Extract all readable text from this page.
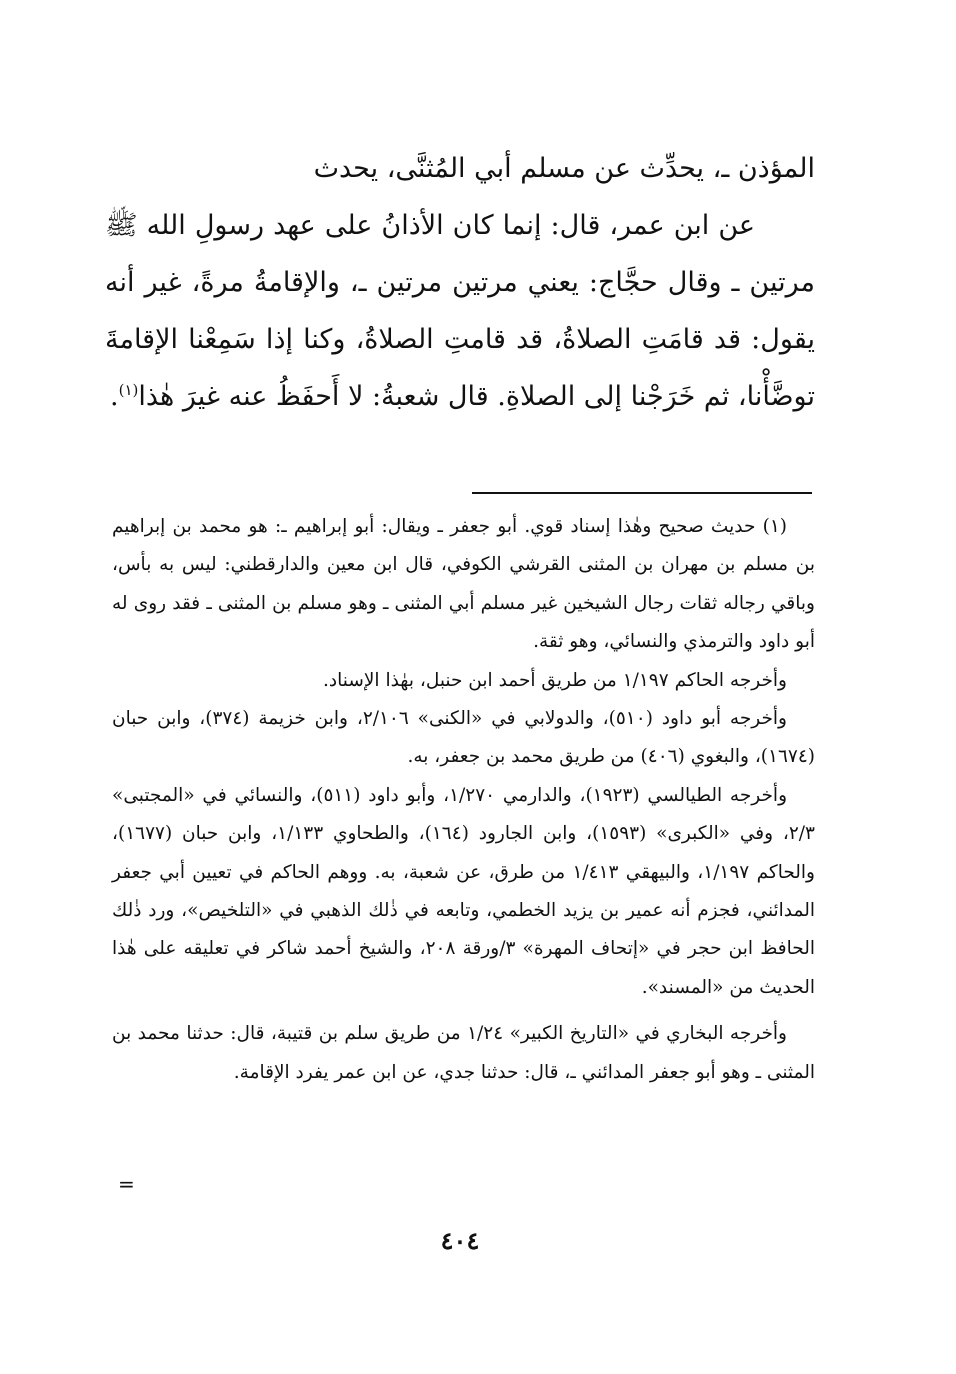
المؤذن ـ، يحدِّث عن مسلم أبي المُثنَّى، يحدث

عن ابن عمر، قال: إنما كان الأذانُ على عهد رسولِ الله ﷺ مرتين ـ وقال حجَّاج: يعني مرتين مرتين ـ، والإقامةُ مرةً، غير أنه يقول: قد قامَتِ الصلاةُ، قد قامتِ الصلاةُ، وكنا إذا سَمِعْنا الإقامةَ توضَّأْنا، ثم خَرَجْنا إلى الصلاةِ. قال شعبةُ: لا أَحفَظُ عنه غيرَ هٰذا$^{(١)}$.

(١) حديث صحيح وهٰذا إسناد قوي. أبو جعفر ـ ويقال: أبو إبراهيم ـ: هو محمد بن إبراهيم بن مسلم بن مهران بن المثنى القرشي الكوفي، قال ابن معين والدارقطني: ليس به بأس، وباقي رجاله ثقات رجال الشيخين غير مسلم أبي المثنى ـ وهو مسلم بن المثنى ـ فقد روى له أبو داود والترمذي والنسائي، وهو ثقة.

وأخرجه الحاكم ١/١٩٧ من طريق أحمد ابن حنبل، بهٰذا الإسناد.

وأخرجه أبو داود (٥١٠)، والدولابي في «الكنى» ٢/١٠٦، وابن خزيمة (٣٧٤)، وابن حبان (١٦٧٤)، والبغوي (٤٠٦) من طريق محمد بن جعفر، به.

وأخرجه الطيالسي (١٩٢٣)، والدارمي ١/٢٧٠، وأبو داود (٥١١)، والنسائي في «المجتبى» ٢/٣، وفي «الكبرى» (١٥٩٣)، وابن الجارود (١٦٤)، والطحاوي ١/١٣٣، وابن حبان (١٦٧٧)، والحاكم ١/١٩٧، والبيهقي ١/٤١٣ من طرق، عن شعبة، به. ووهم الحاكم في تعيين أبي جعفر المدائني، فجزم أنه عمير بن يزيد الخطمي، وتابعه في ذٰلك الذهبي في «التلخيص»، ورد ذٰلك الحافظ ابن حجر في «إتحاف المهرة» ٣/ورقة ٢٠٨، والشيخ أحمد شاكر في تعليقه على هٰذا الحديث من «المسند».

وأخرجه البخاري في «التاريخ الكبير» ١/٢٤ من طريق سلم بن قتيبة، قال: حدثنا محمد بن المثنى ـ وهو أبو جعفر المدائني ـ، قال: حدثنا جدي، عن ابن عمر يفرد الإقامة.

=
٤٠٤
